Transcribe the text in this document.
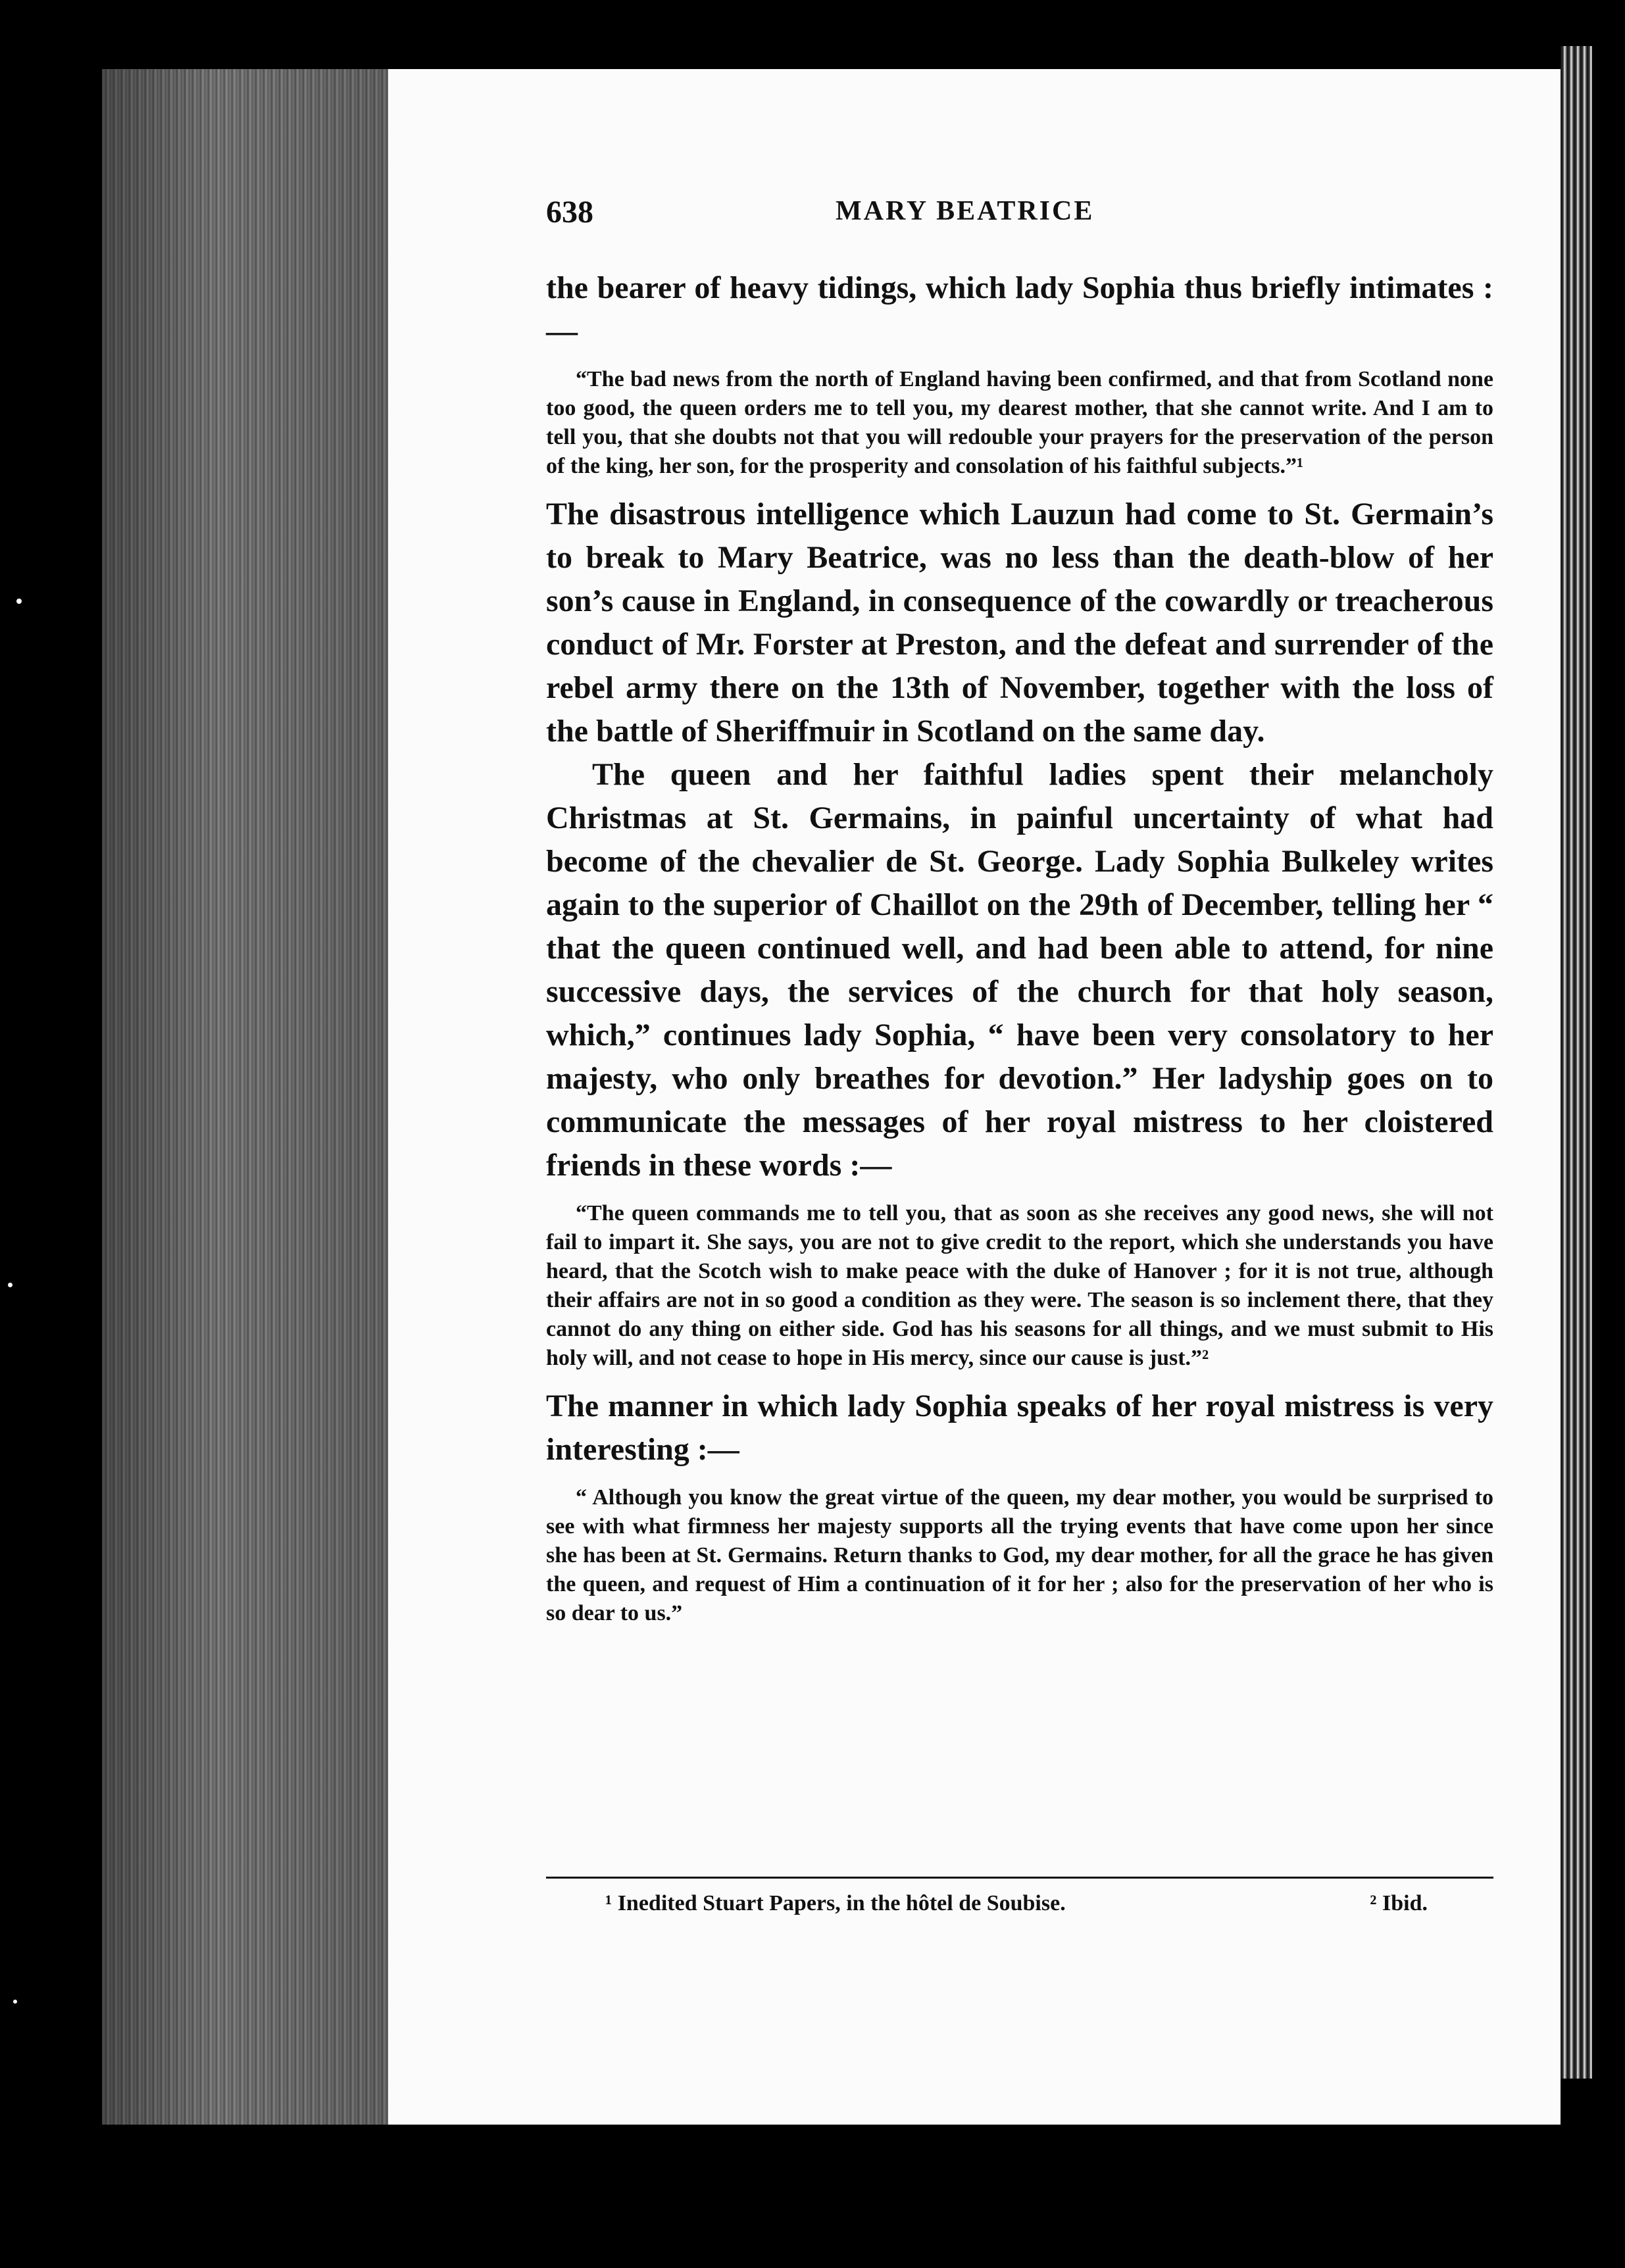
638	MARY BEATRICE

the bearer of heavy tidings, which lady Sophia thus briefly intimates :—

“The bad news from the north of England having been confirmed, and that from Scotland none too good, the queen orders me to tell you, my dearest mother, that she cannot write. And I am to tell you, that she doubts not that you will redouble your prayers for the preservation of the person of the king, her son, for the prosperity and consolation of his faithful subjects.”¹

The disastrous intelligence which Lauzun had come to St. Germain’s to break to Mary Beatrice, was no less than the death-blow of her son’s cause in England, in consequence of the cowardly or treacherous conduct of Mr. Forster at Preston, and the defeat and surrender of the rebel army there on the 13th of November, together with the loss of the battle of Sheriffmuir in Scotland on the same day.

The queen and her faithful ladies spent their melancholy Christmas at St. Germains, in painful uncertainty of what had become of the chevalier de St. George. Lady Sophia Bulkeley writes again to the superior of Chaillot on the 29th of December, telling her “ that the queen continued well, and had been able to attend, for nine successive days, the services of the church for that holy season, which,” continues lady Sophia, “ have been very consolatory to her majesty, who only breathes for devotion.” Her ladyship goes on to communicate the messages of her royal mistress to her cloistered friends in these words :—

“The queen commands me to tell you, that as soon as she receives any good news, she will not fail to impart it. She says, you are not to give credit to the report, which she understands you have heard, that the Scotch wish to make peace with the duke of Hanover ; for it is not true, although their affairs are not in so good a condition as they were. The season is so inclement there, that they cannot do any thing on either side. God has his seasons for all things, and we must submit to His holy will, and not cease to hope in His mercy, since our cause is just.”²

The manner in which lady Sophia speaks of her royal mistress is very interesting :—

“ Although you know the great virtue of the queen, my dear mother, you would be surprised to see with what firmness her majesty supports all the trying events that have come upon her since she has been at St. Germains. Return thanks to God, my dear mother, for all the grace he has given the queen, and request of Him a continuation of it for her ; also for the preservation of her who is so dear to us.”

¹ Inedited Stuart Papers, in the hôtel de Soubise.	² Ibid.
